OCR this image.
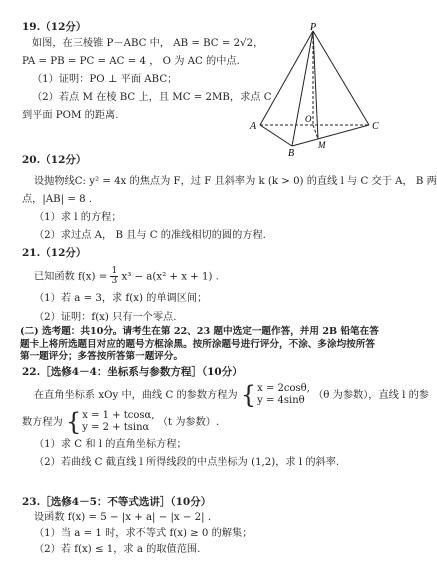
19.（12分）
如图，在三棱锥 P－ABC 中， AB = BC = 2√2，
PA = PB = PC = AC = 4 ， O 为 AC 的中点.
（1）证明：PO ⊥ 平面 ABC；
（2）若点 M 在棱 BC 上，且 MC = 2MB，求点 C
到平面 POM 的距离.
P
A
B
C
O
M
20.（12分）
设抛物线C: y² = 4x 的焦点为 F，过 F 且斜率为 k (k > 0) 的直线 l 与 C 交于 A， B 两
点，|AB| = 8 .
（1）求 l 的方程；
（2）求过点 A， B 且与 C 的准线相切的圆的方程.
21.（12分）
已知函数 $f(x) = \frac{1}{3} x^3 - a(x^2 + x + 1)$ .
（1）若 a = 3，求 f(x) 的单调区间；
（2）证明：f(x) 只有一个零点.
(二) 选考题：共10分。请考生在第 22、23 题中选定一题作答，并用 2B 铅笔在答题卡上将所选题目对应的题号方框涂黑。按所涂题号进行评分，不涂、多涂均按所答第一题评分；多答按所答第一题评分。
22.［选修4－4：坐标系与参数方程］（10分）
在直角坐标系 xOy 中，曲线 C 的参数方程为 { x = 2cosθ,
y = 4sinθ （θ 为参数），直线 l 的参
数方程为 { x = 1 + tcosα,
y = 2 + tsinα （t 为参数）.
（1）求 C 和 l 的直角坐标方程；
（2）若曲线 C 截直线 l 所得线段的中点坐标为 (1,2)，求 l 的斜率.
23.［选修4－5：不等式选讲］（10分）
设函数 f(x) = 5 − |x + a| − |x − 2| .
（1）当 a = 1 时，求不等式 f(x) ≥ 0 的解集；
（2）若 f(x) ≤ 1，求 a 的取值范围.
